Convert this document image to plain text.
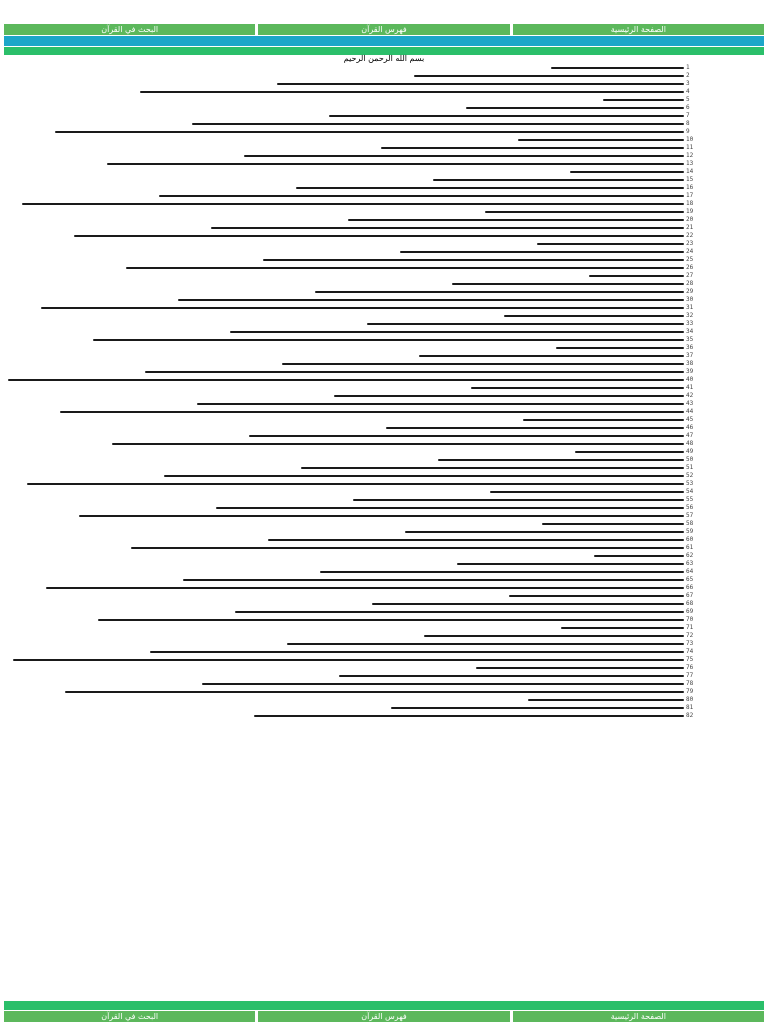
الصفحة الرئيسية
فهرس القرآن
البحث في القرآن
بسم الله الرحمن الرحيم
1
2
3
4
5
6
7
8
9
10
11
12
13
14
15
16
17
18
19
20
21
22
23
24
25
26
27
28
29
30
31
32
33
34
35
36
37
38
39
40
41
42
43
44
45
46
47
48
49
50
51
52
53
54
55
56
57
58
59
60
61
62
63
64
65
66
67
68
69
70
71
72
73
74
75
76
77
78
79
80
81
82
الصفحة الرئيسية
فهرس القرآن
البحث في القرآن
